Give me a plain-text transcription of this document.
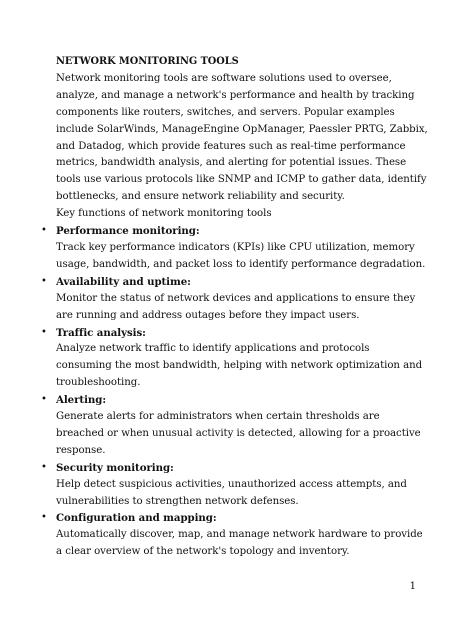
NETWORK MONITORING TOOLS

Network monitoring tools are software solutions used to oversee, analyze, and manage a network's performance and health by tracking components like routers, switches, and servers. Popular examples include SolarWinds, ManageEngine OpManager, Paessler PRTG, Zabbix, and Datadog, which provide features such as real-time performance metrics, bandwidth analysis, and alerting for potential issues. These tools use various protocols like SNMP and ICMP to gather data, identify bottlenecks, and ensure network reliability and security.

Key functions of network monitoring tools

• Performance monitoring:
Track key performance indicators (KPIs) like CPU utilization, memory usage, bandwidth, and packet loss to identify performance degradation.
• Availability and uptime:
Monitor the status of network devices and applications to ensure they are running and address outages before they impact users.
• Traffic analysis:
Analyze network traffic to identify applications and protocols consuming the most bandwidth, helping with network optimization and troubleshooting.
• Alerting:
Generate alerts for administrators when certain thresholds are breached or when unusual activity is detected, allowing for a proactive response.
• Security monitoring:
Help detect suspicious activities, unauthorized access attempts, and vulnerabilities to strengthen network defenses.
• Configuration and mapping:
Automatically discover, map, and manage network hardware to provide a clear overview of the network's topology and inventory.
1
